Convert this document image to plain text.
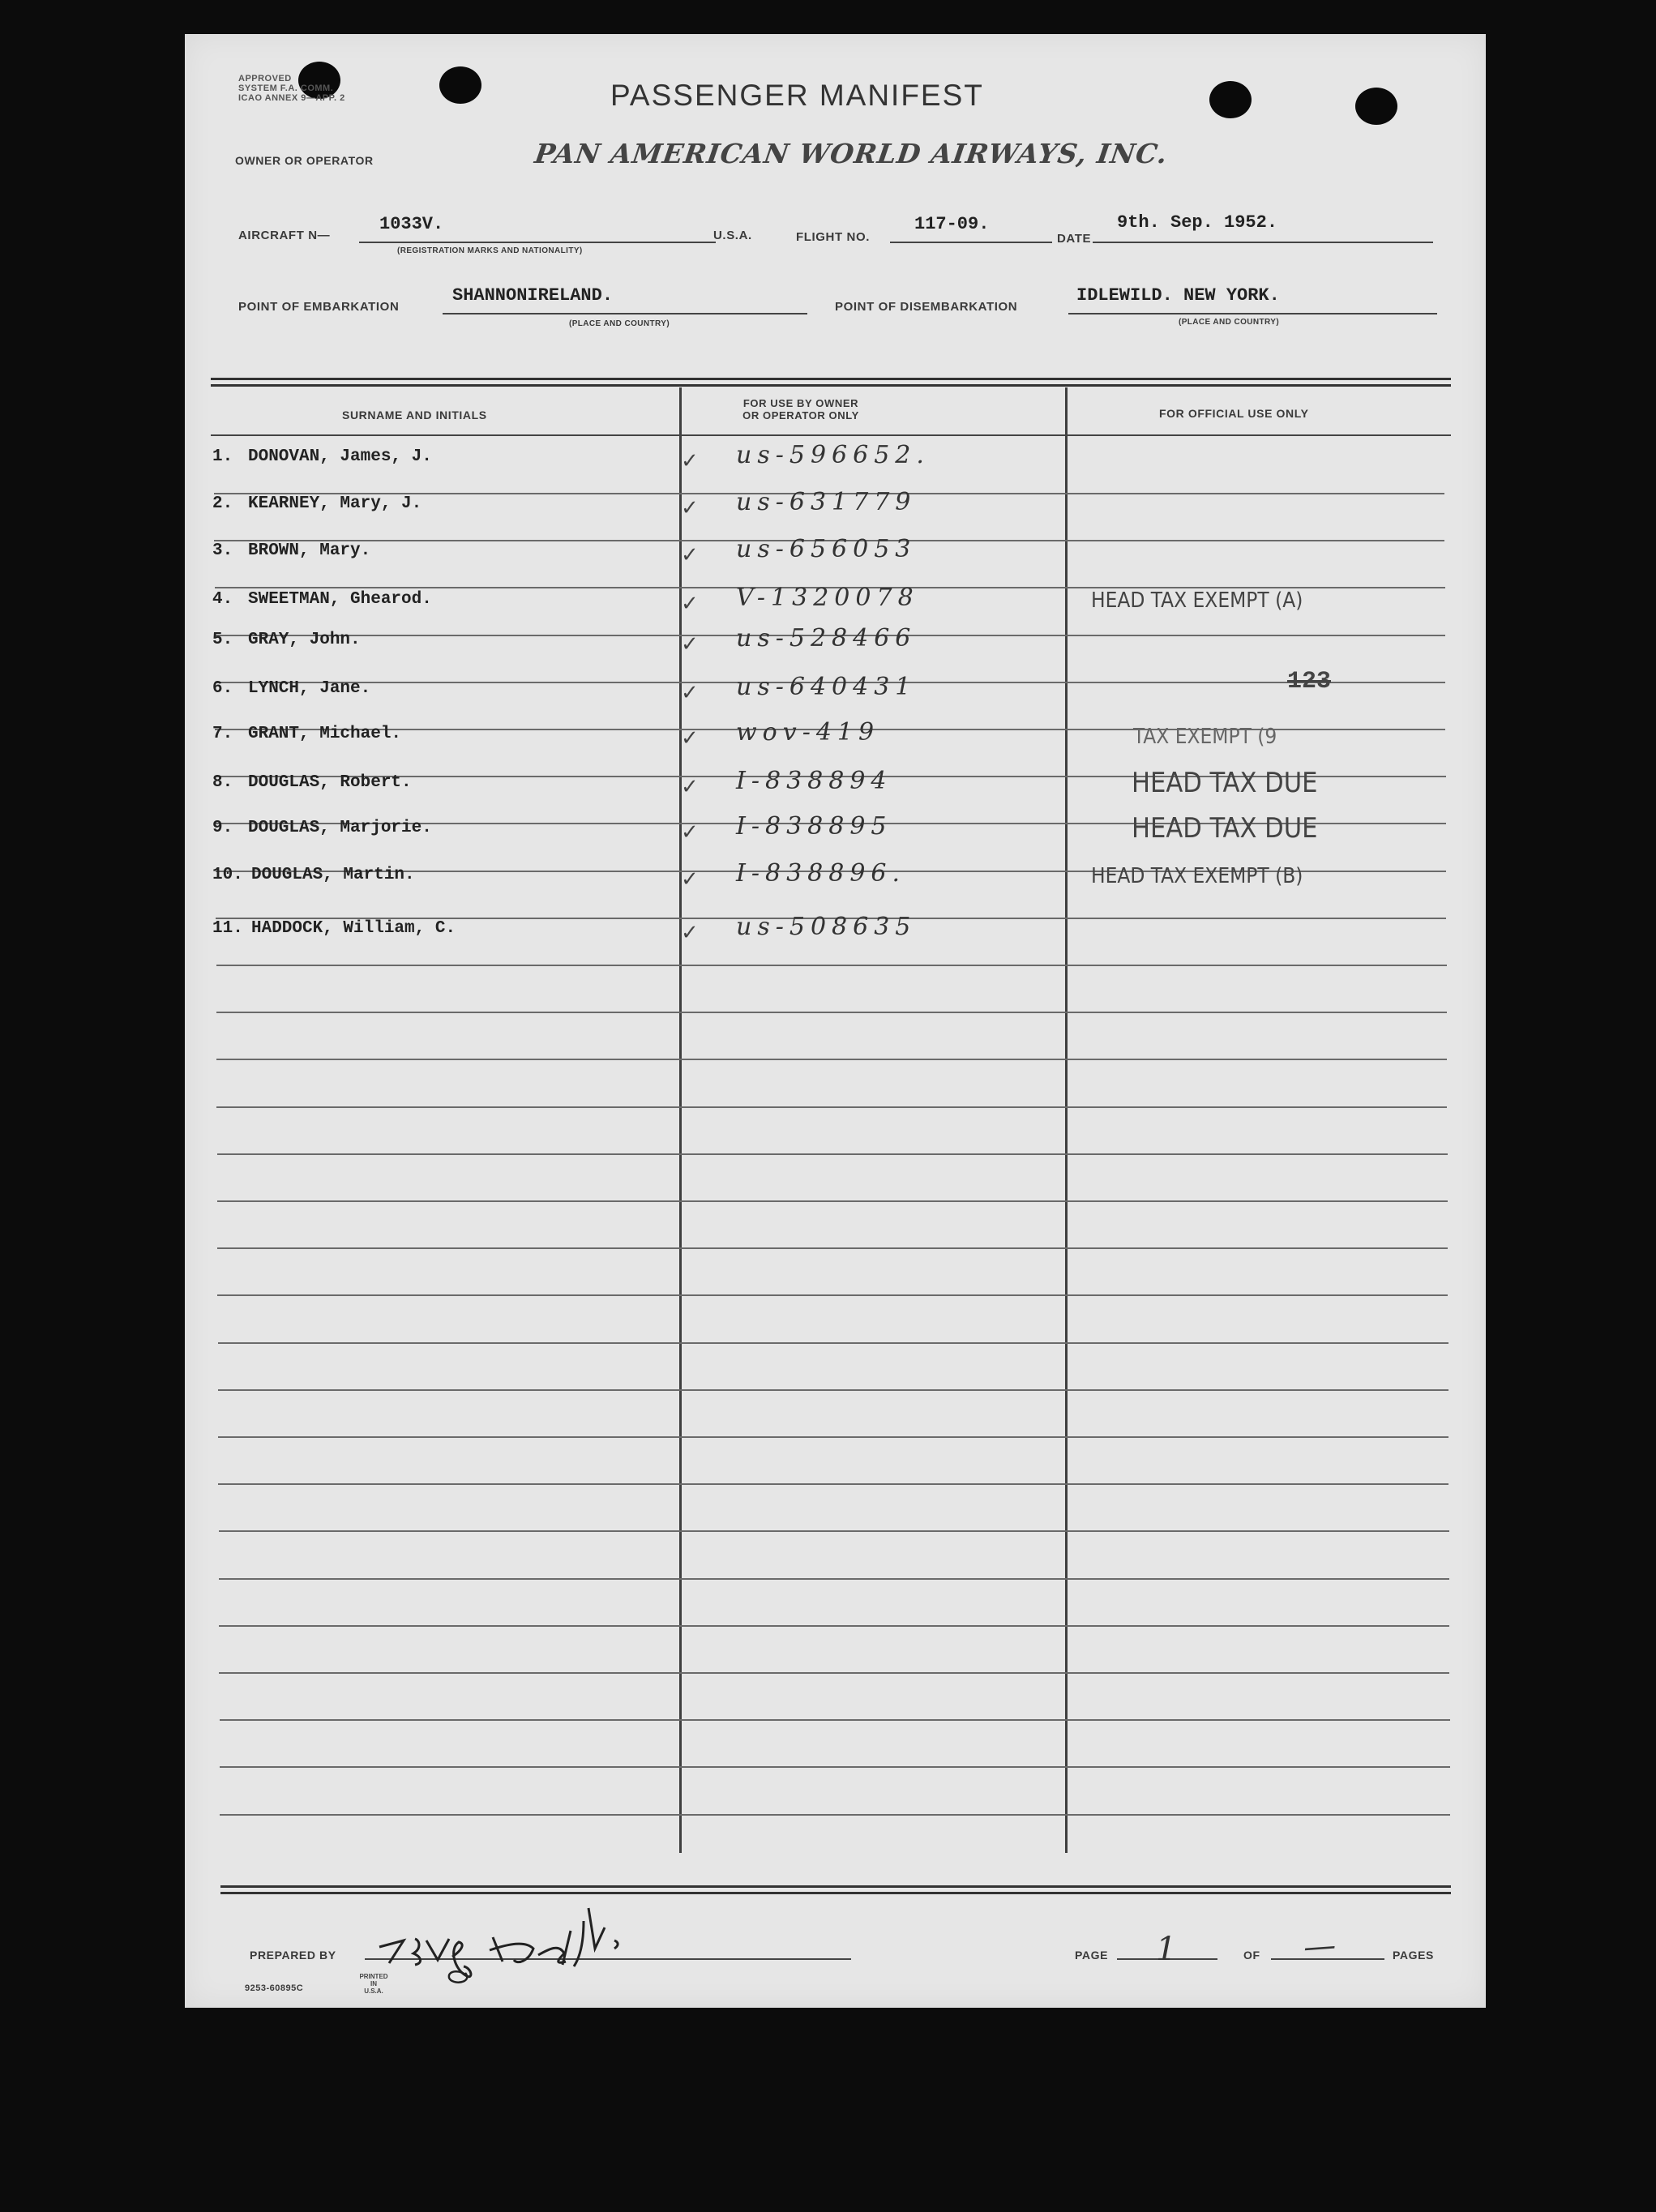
APPROVED
SYSTEM F.A. COMM.
ICAO ANNEX 9—APP. 2	PASSENGER MANIFEST
OWNER OR OPERATOR	PAN AMERICAN WORLD AIRWAYS, INC.
AIRCRAFT N—
1033V.
(REGISTRATION MARKS AND NATIONALITY)
U.S.A.	FLIGHT NO.
117-09.
DATE
9th. Sep. 1952.
POINT OF EMBARKATION
SHANNONIRELAND.
(PLACE AND COUNTRY)
POINT OF DISEMBARKATION
IDLEWILD. NEW YORK.
(PLACE AND COUNTRY)
SURNAME AND INITIALS
FOR USE BY OWNER
OR OPERATOR ONLY	FOR OFFICIAL USE ONLY
1. DONOVAN, James, J.	✓ us-596652.
2. KEARNEY, Mary, J.	✓ us-631779
3. BROWN, Mary.	✓ us-656053
4. SWEETMAN, Ghearod.	✓ V-1320078	HEAD TAX EXEMPT (A)
5. GRAY, John.	✓ us-528466
6. LYNCH, Jane.	✓ us-640431	123
7. GRANT, Michael.	✓ wov-419	TAX EXEMPT (9
8. DOUGLAS, Robert.	✓ I-838894	HEAD TAX DUE
9. DOUGLAS, Marjorie.	✓ I-838895	HEAD TAX DUE
10. DOUGLAS, Martin.	✓ I-838896.	HEAD TAX EXEMPT (B)
11. HADDOCK, William, C.	✓ us-508635
PREPARED BY	PAGE 1	OF —	PAGES
9253-60895C
PRINTED
IN
U.S.A.
